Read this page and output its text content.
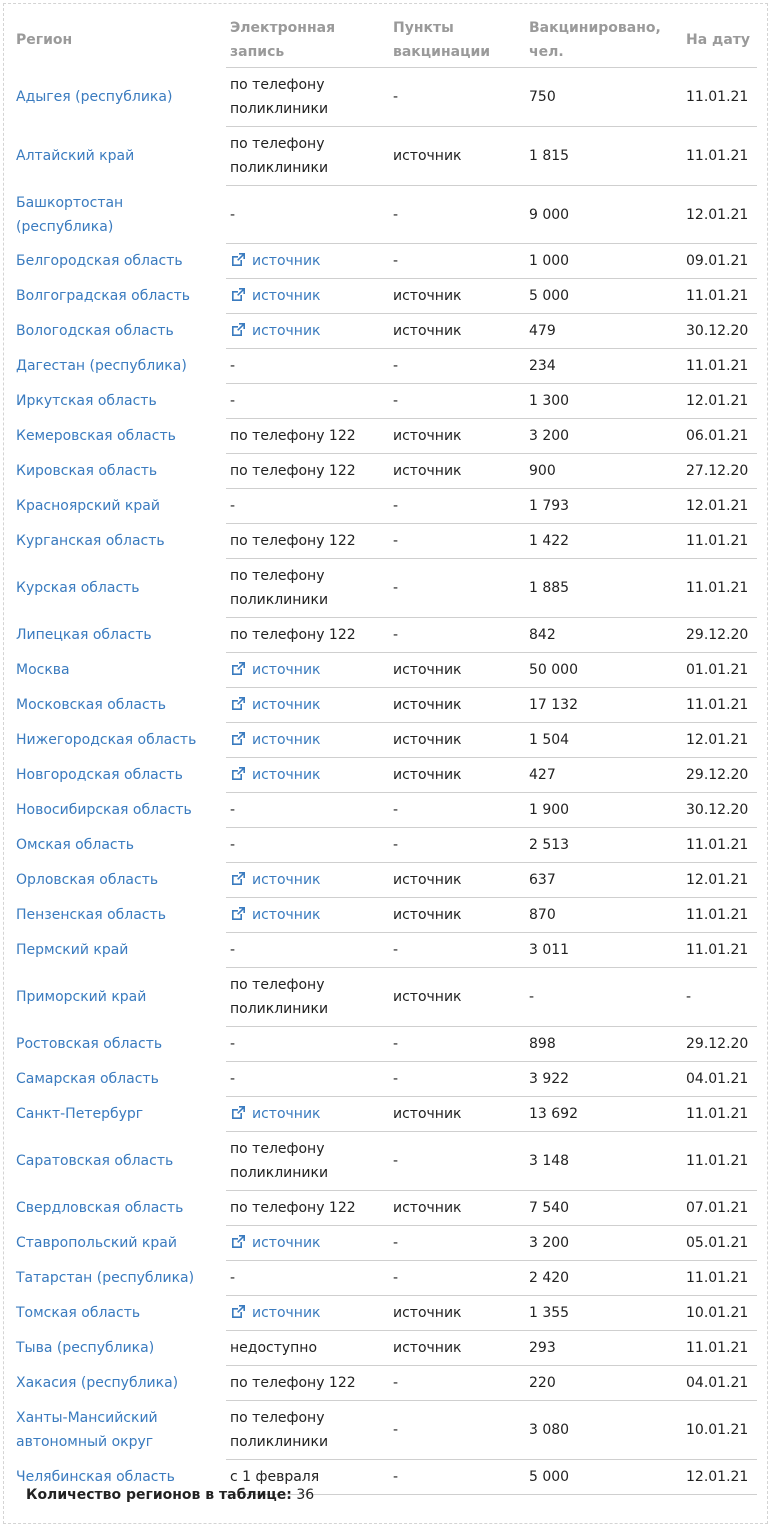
Регион	Электронная запись	Пункты вакцинации	Вакцинировано, чел.	На дату
Адыгея (республика)	по телефону поликлиники	-	750	11.01.21
Алтайский край	по телефону поликлиники	источник	1 815	11.01.21
Башкортостан (республика)	-	-	9 000	12.01.21
Белгородская область	источник	-	1 000	09.01.21
Волгоградская область	источник	источник	5 000	11.01.21
Вологодская область	источник	источник	479	30.12.20
Дагестан (республика)	-	-	234	11.01.21
Иркутская область	-	-	1 300	12.01.21
Кемеровская область	по телефону 122	источник	3 200	06.01.21
Кировская область	по телефону 122	источник	900	27.12.20
Красноярский край	-	-	1 793	12.01.21
Курганская область	по телефону 122	-	1 422	11.01.21
Курская область	по телефону поликлиники	-	1 885	11.01.21
Липецкая область	по телефону 122	-	842	29.12.20
Москва	источник	источник	50 000	01.01.21
Московская область	источник	источник	17 132	11.01.21
Нижегородская область	источник	источник	1 504	12.01.21
Новгородская область	источник	источник	427	29.12.20
Новосибирская область	-	-	1 900	30.12.20
Омская область	-	-	2 513	11.01.21
Орловская область	источник	источник	637	12.01.21
Пензенская область	источник	источник	870	11.01.21
Пермский край	-	-	3 011	11.01.21
Приморский край	по телефону поликлиники	источник	-	-
Ростовская область	-	-	898	29.12.20
Самарская область	-	-	3 922	04.01.21
Санкт-Петербург	источник	источник	13 692	11.01.21
Саратовская область	по телефону поликлиники	-	3 148	11.01.21
Свердловская область	по телефону 122	источник	7 540	07.01.21
Ставропольский край	источник	-	3 200	05.01.21
Татарстан (республика)	-	-	2 420	11.01.21
Томская область	источник	источник	1 355	10.01.21
Тыва (республика)	недоступно	источник	293	11.01.21
Хакасия (республика)	по телефону 122	-	220	04.01.21
Ханты-Мансийский автономный округ	по телефону поликлиники	-	3 080	10.01.21
Челябинская область	с 1 февраля	-	5 000	12.01.21
Количество регионов в таблице: 36
